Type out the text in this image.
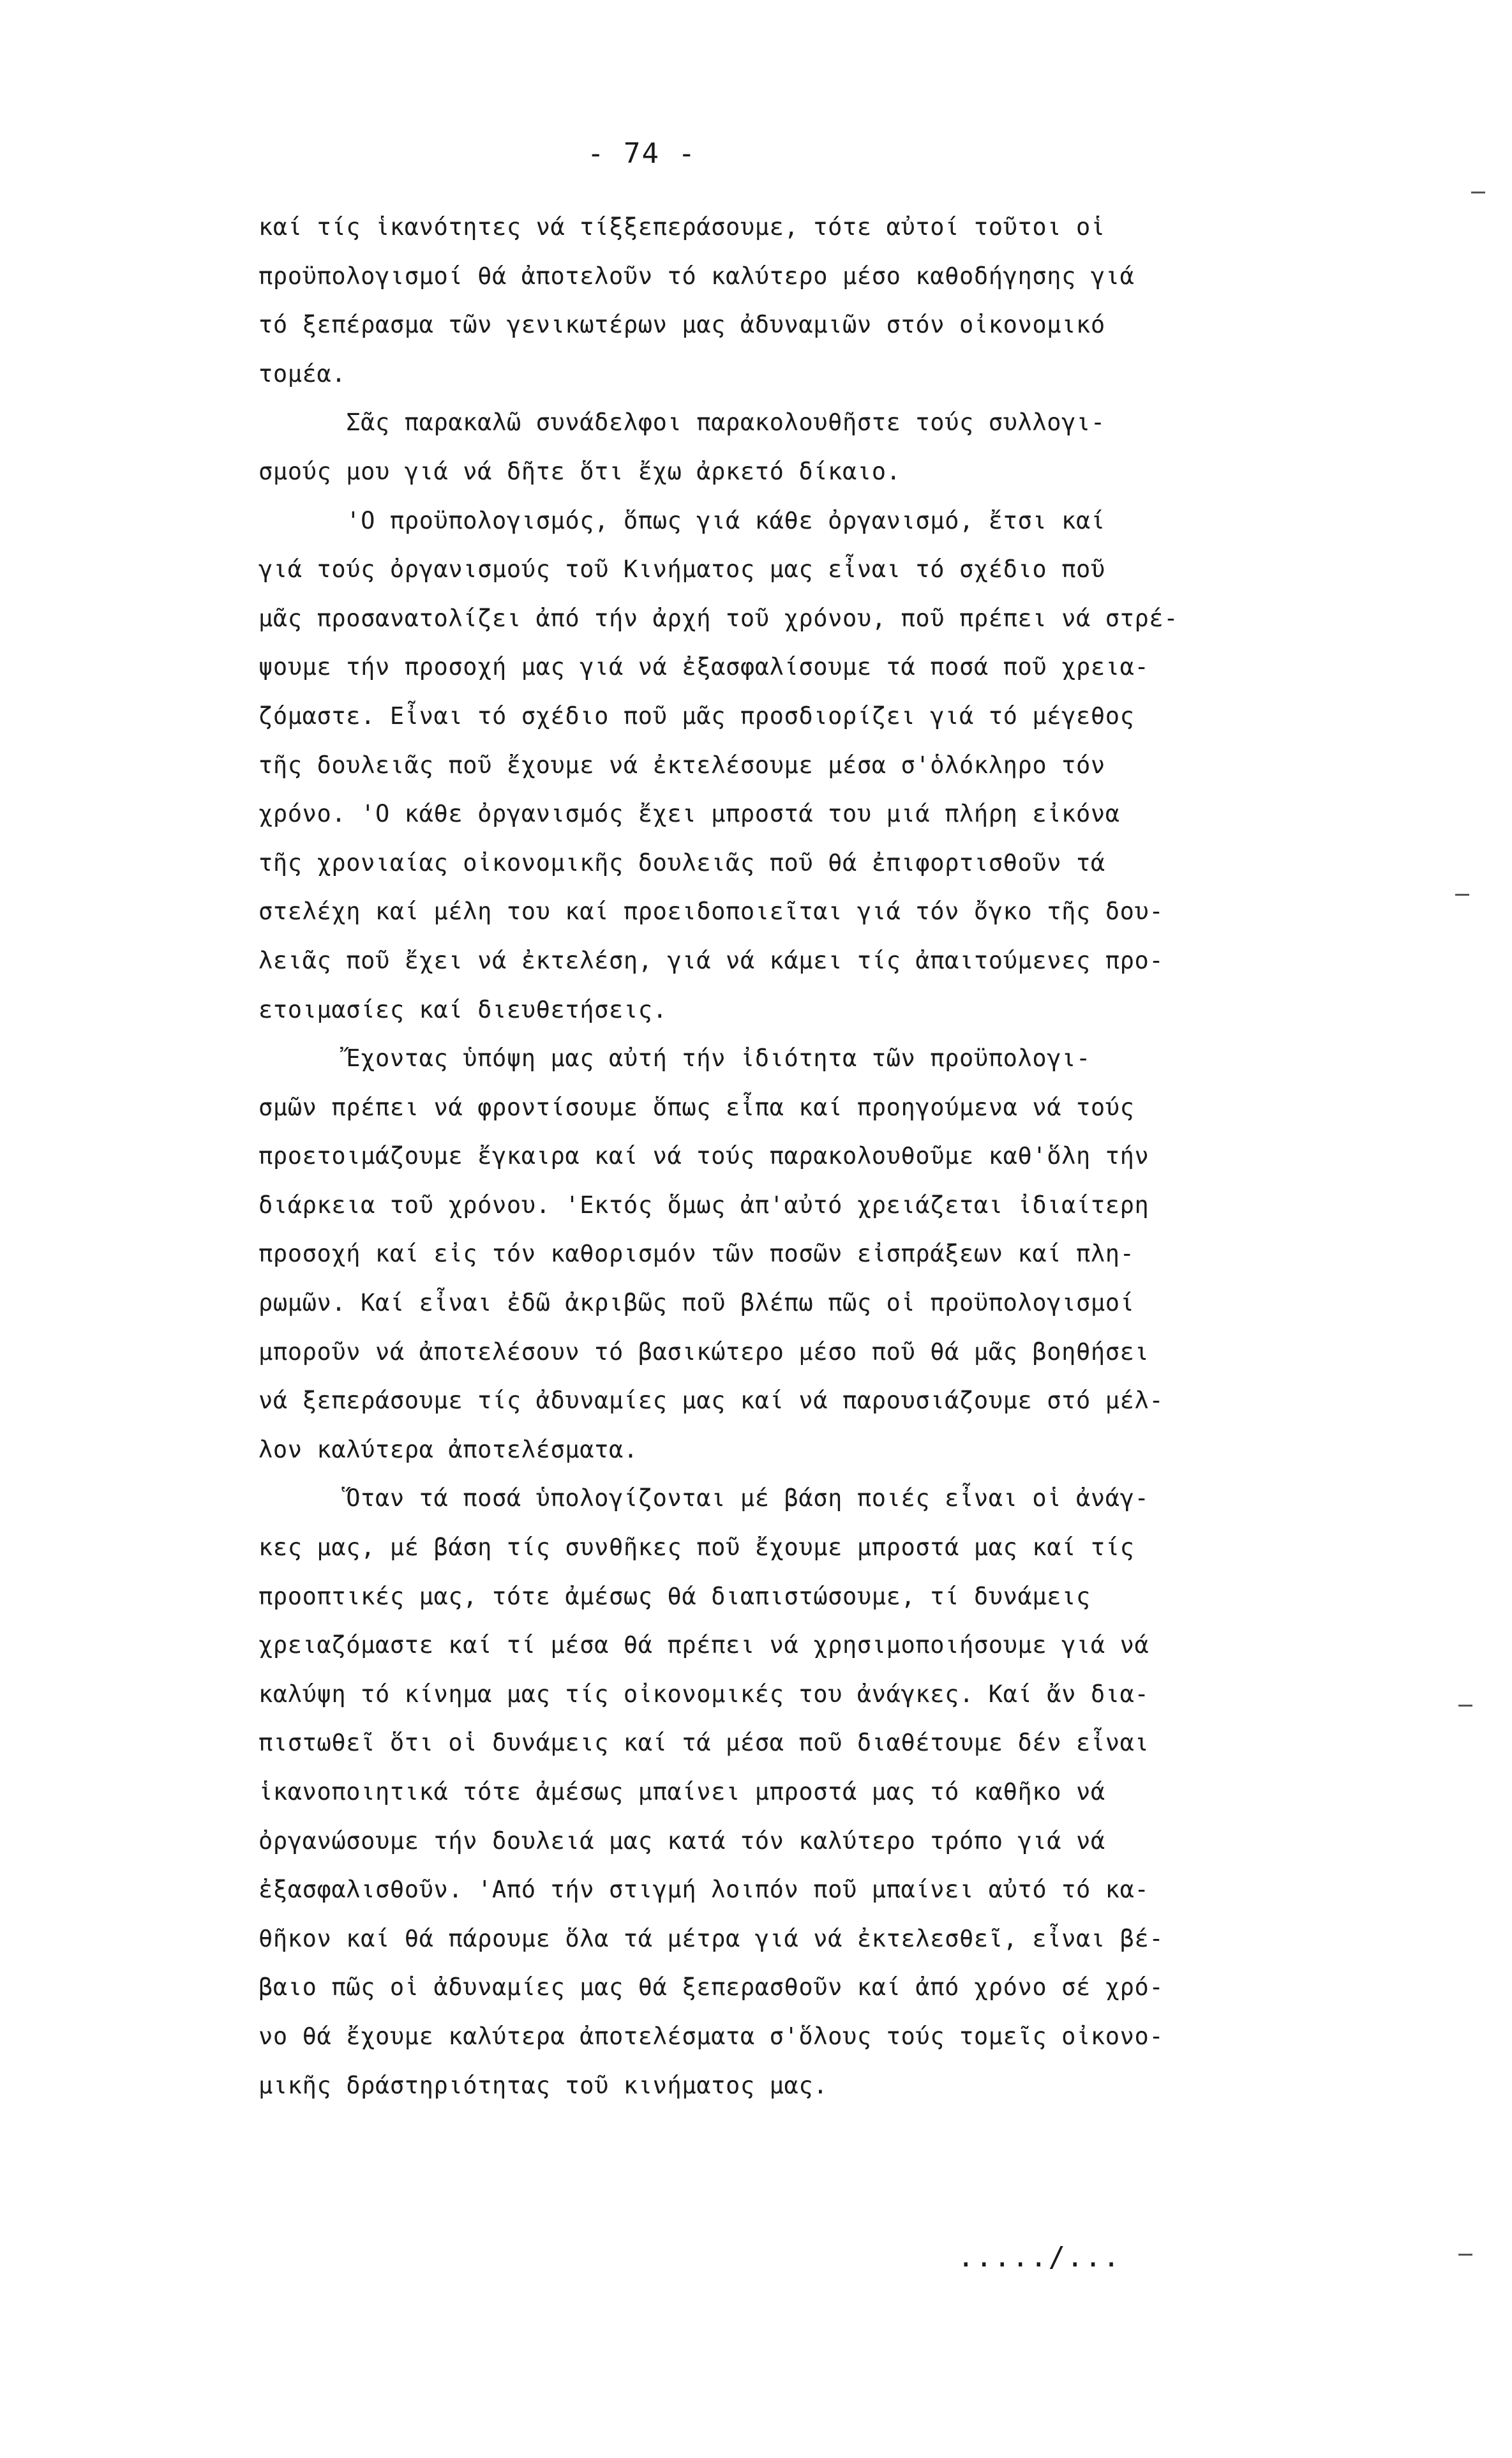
- 74 -
καί τίς ἱκανότητες νά τίξξεπεράσουμε, τότε αὐτοί τοῦτοι οἱ
προϋπολογισμοί θά ἀποτελοῦν τό καλύτερο μέσο καθοδήγησης γιά
τό ξεπέρασμα τῶν γενικωτέρων μας ἀδυναμιῶν στόν οἰκονομικό
τομέα.
Σᾶς παρακαλῶ συνάδελφοι παρακολουθῆστε τούς συλλογι-
σμούς μου γιά νά δῆτε ὅτι ἔχω ἀρκετό δίκαιο.
'Ο προϋπολογισμός, ὅπως γιά κάθε ὀργανισμό, ἔτσι καί
γιά τούς ὀργανισμούς τοῦ Κινήματος μας εἶναι τό σχέδιο ποῦ
μᾶς προσανατολίζει ἀπό τήν ἀρχή τοῦ χρόνου, ποῦ πρέπει νά στρέ-
ψουμε τήν προσοχή μας γιά νά ἐξασφαλίσουμε τά ποσά ποῦ χρεια-
ζόμαστε. Εἶναι τό σχέδιο ποῦ μᾶς προσδιορίζει γιά τό μέγεθος
τῆς δουλειᾶς ποῦ ἔχουμε νά ἐκτελέσουμε μέσα σ'ὁλόκληρο τόν
χρόνο. 'Ο κάθε ὀργανισμός ἔχει μπροστά του μιά πλήρη εἰκόνα
τῆς χρονιαίας οἰκονομικῆς δουλειᾶς ποῦ θά ἐπιφορτισθοῦν τά
στελέχη καί μέλη του καί προειδοποιεῖται γιά τόν ὄγκο τῆς δου-
λειᾶς ποῦ ἔχει νά ἐκτελέση, γιά νά κάμει τίς ἀπαιτούμενες προ-
ετοιμασίες καί διευθετήσεις.
Ἔχοντας ὑπόψη μας αὐτή τήν ἰδιότητα τῶν προϋπολογι-
σμῶν πρέπει νά φροντίσουμε ὅπως εἶπα καί προηγούμενα νά τούς
προετοιμάζουμε ἔγκαιρα καί νά τούς παρακολουθοῦμε καθ'ὅλη τήν
διάρκεια τοῦ χρόνου. 'Εκτός ὅμως ἀπ'αὐτό χρειάζεται ἰδιαίτερη
προσοχή καί εἰς τόν καθορισμόν τῶν ποσῶν εἰσπράξεων καί πλη-
ρωμῶν. Καί εἶναι ἐδῶ ἀκριβῶς ποῦ βλέπω πῶς οἱ προϋπολογισμοί
μποροῦν νά ἀποτελέσουν τό βασικώτερο μέσο ποῦ θά μᾶς βοηθήσει
νά ξεπεράσουμε τίς ἀδυναμίες μας καί νά παρουσιάζουμε στό μέλ-
λον καλύτερα ἀποτελέσματα.
Ὅταν τά ποσά ὑπολογίζονται μέ βάση ποιές εἶναι οἱ ἀνάγ-
κες μας, μέ βάση τίς συνθῆκες ποῦ ἔχουμε μπροστά μας καί τίς
προοπτικές μας, τότε ἀμέσως θά διαπιστώσουμε, τί δυνάμεις
χρειαζόμαστε καί τί μέσα θά πρέπει νά χρησιμοποιήσουμε γιά νά
καλύψη τό κίνημα μας τίς οἰκονομικές του ἀνάγκες. Καί ἄν δια-
πιστωθεῖ ὅτι οἱ δυνάμεις καί τά μέσα ποῦ διαθέτουμε δέν εἶναι
ἱκανοποιητικά τότε ἀμέσως μπαίνει μπροστά μας τό καθῆκο νά
ὀργανώσουμε τήν δουλειά μας κατά τόν καλύτερο τρόπο γιά νά
ἐξασφαλισθοῦν. 'Από τήν στιγμή λοιπόν ποῦ μπαίνει αὐτό τό κα-
θῆκον καί θά πάρουμε ὅλα τά μέτρα γιά νά ἐκτελεσθεῖ, εἶναι βέ-
βαιο πῶς οἱ ἀδυναμίες μας θά ξεπερασθοῦν καί ἀπό χρόνο σέ χρό-
νο θά ἔχουμε καλύτερα ἀποτελέσματα σ'ὅλους τούς τομεῖς οἰκονο-
μικῆς δράστηριότητας τοῦ κινήματος μας.
...../...
